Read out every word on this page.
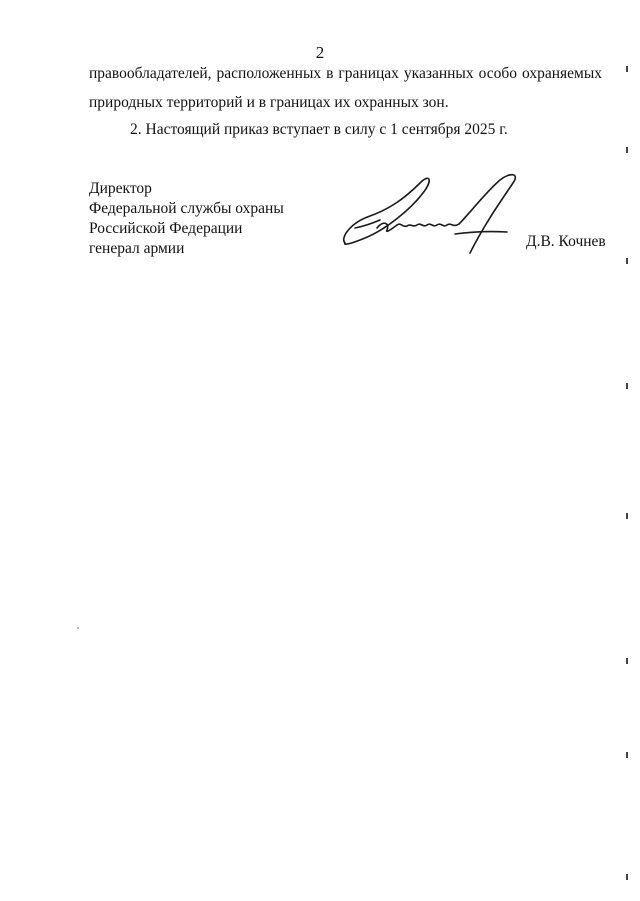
2
правообладателей, расположенных в границах указанных особо охраняемых
природных территорий и в границах их охранных зон.
2. Настоящий приказ вступает в силу с 1 сентября 2025 г.
Директор
Федеральной службы охраны
Российской Федерации
генерал армии	Д.В. Кочнев
